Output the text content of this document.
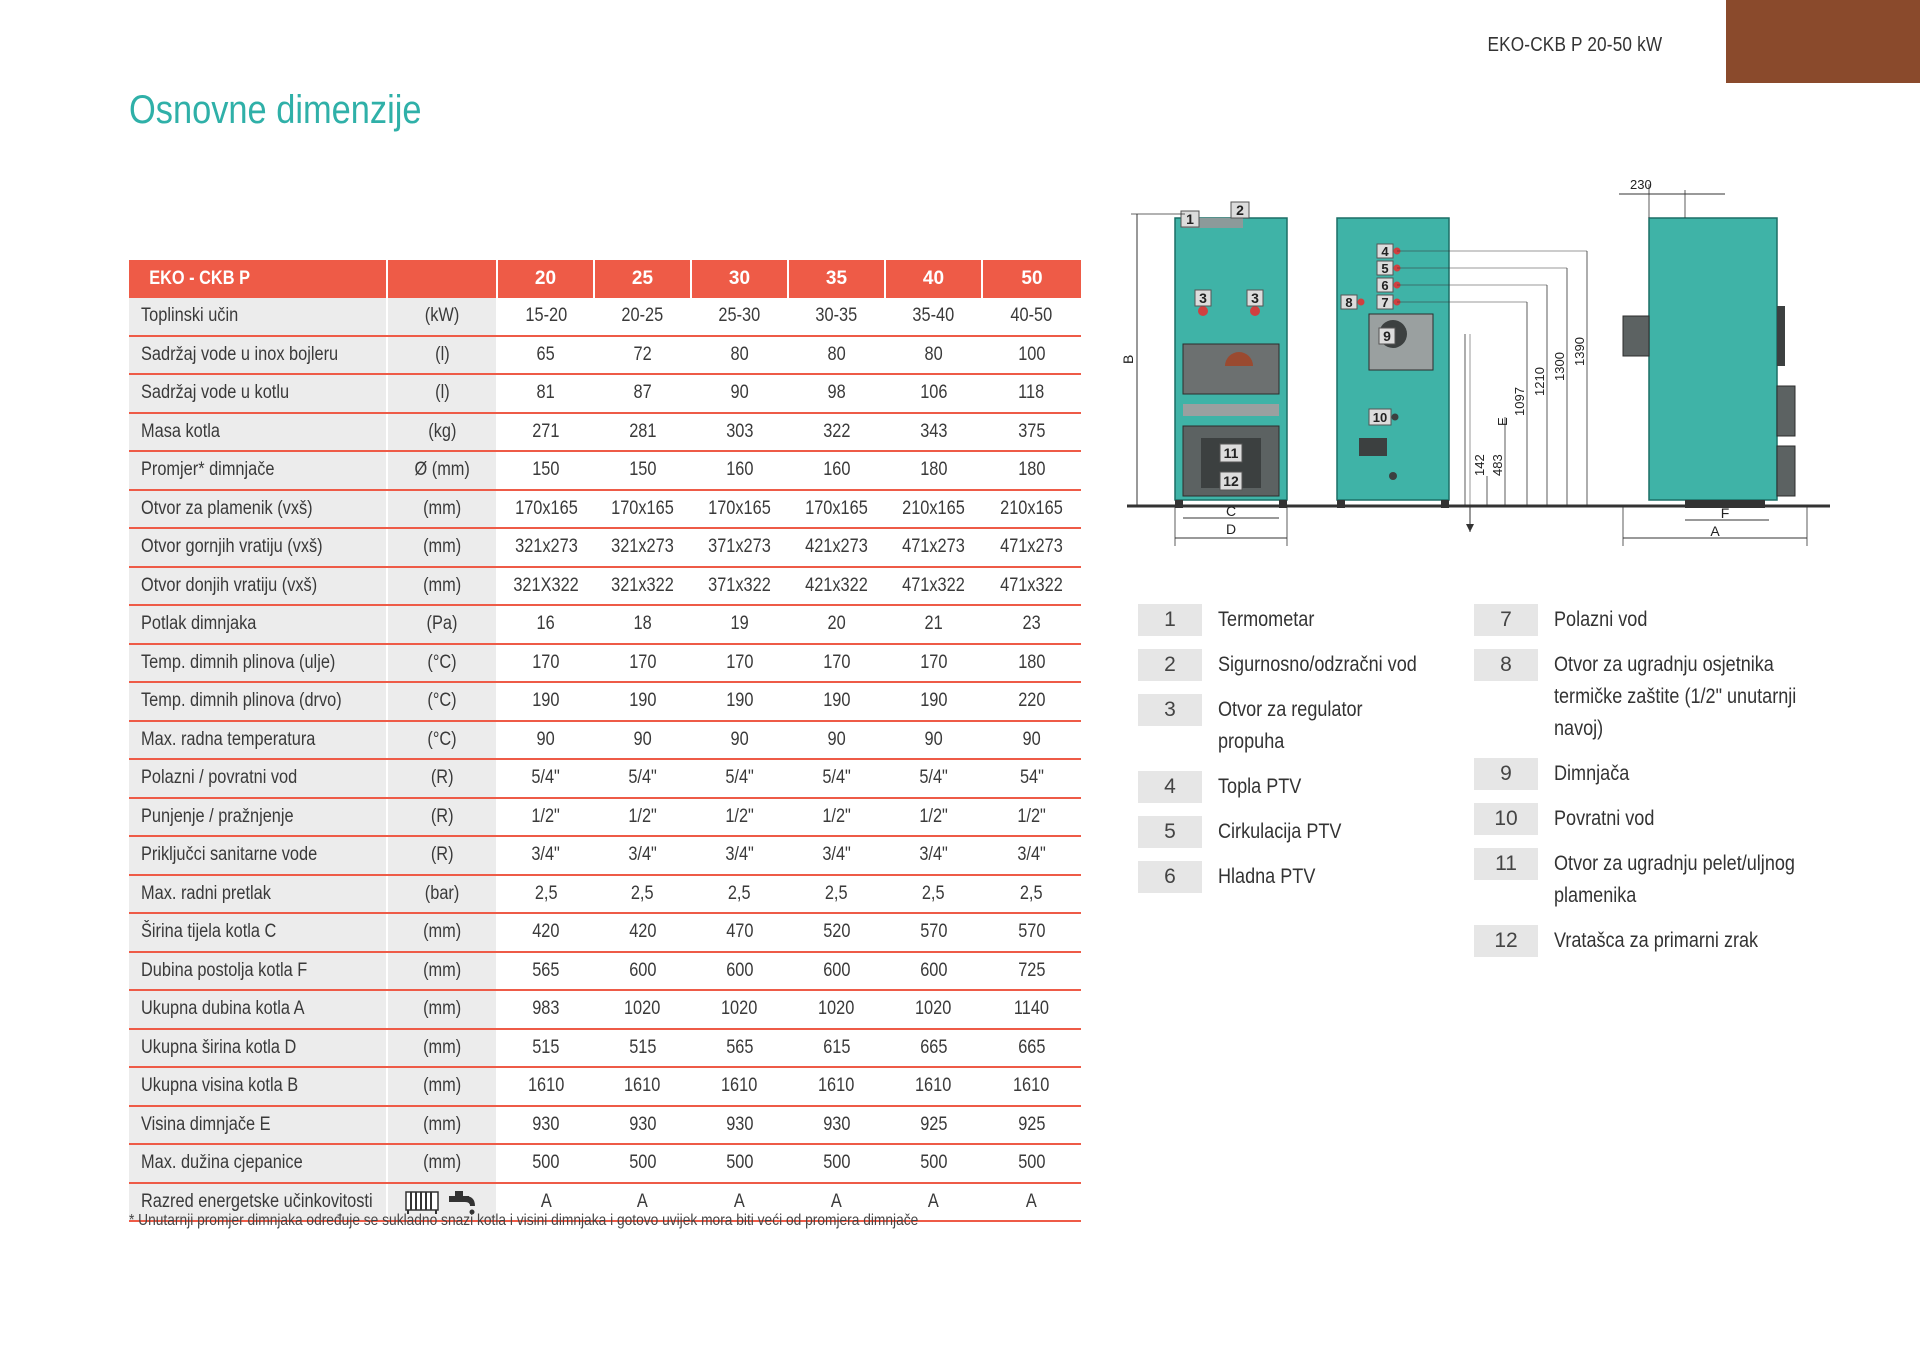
EKO-CKB P 20-50 kW
Osnovne dimenzije
EKO - CKB P		20	25	30	35	40	50
Toplinski učin	(kW)	15-20	20-25	25-30	30-35	35-40	40-50
Sadržaj vode u inox bojleru	(l)	65	72	80	80	80	100
Sadržaj vode u kotlu	(l)	81	87	90	98	106	118
Masa kotla	(kg)	271	281	303	322	343	375
Promjer* dimnjače	Ø (mm)	150	150	160	160	180	180
Otvor za plamenik (vxš)	(mm)	170x165	170x165	170x165	170x165	210x165	210x165
Otvor gornjih vratiju (vxš)	(mm)	321x273	321x273	371x273	421x273	471x273	471x273
Otvor donjih vratiju (vxš)	(mm)	321X322	321x322	371x322	421x322	471x322	471x322
Potlak dimnjaka	(Pa)	16	18	19	20	21	23
Temp. dimnih plinova (ulje)	(°C)	170	170	170	170	170	180
Temp. dimnih plinova (drvo)	(°C)	190	190	190	190	190	220
Max. radna temperatura	(°C)	90	90	90	90	90	90
Polazni / povratni vod	(R)	5/4"	5/4"	5/4"	5/4"	5/4"	54"
Punjenje / pražnjenje	(R)	1/2"	1/2"	1/2"	1/2"	1/2"	1/2"
Priključci sanitarne vode	(R)	3/4"	3/4"	3/4"	3/4"	3/4"	3/4"
Max. radni pretlak	(bar)	2,5	2,5	2,5	2,5	2,5	2,5
Širina tijela kotla C	(mm)	420	420	470	520	570	570
Dubina postolja kotla F	(mm)	565	600	600	600	600	725
Ukupna dubina kotla A	(mm)	983	1020	1020	1020	1020	1140
Ukupna širina kotla D	(mm)	515	515	565	615	665	665
Ukupna visina kotla B	(mm)	1610	1610	1610	1610	1610	1610
Visina dimnjače E	(mm)	930	930	930	930	925	925
Max. dužina cjepanice	(mm)	500	500	500	500	500	500
Razred energetske učinkovitosti		A	A	A	A	A	A
* Unutarnji promjer dimnjaka određuje se sukladno snazi kotla i visini dimnjaka i gotovo uvijek mora biti veći od promjera dimnjače
1
2
3	3
11
12
B
C
D
4
5
6
7
8
9
10
142 483
E
1097
1210
1300
1390
230
F
A
1	Termometar
2	Sigurnosno/odzračni vod
3	Otvor za regulator propuha
4	Topla PTV
5	Cirkulacija PTV
6	Hladna PTV
7	Polazni vod
8	Otvor za ugradnju osjetnika termičke zaštite (1/2" unutarnji navoj)
9	Dimnjača
10	Povratni vod
11	Otvor za ugradnju pelet/uljnog plamenika
12	Vratašca za primarni zrak
